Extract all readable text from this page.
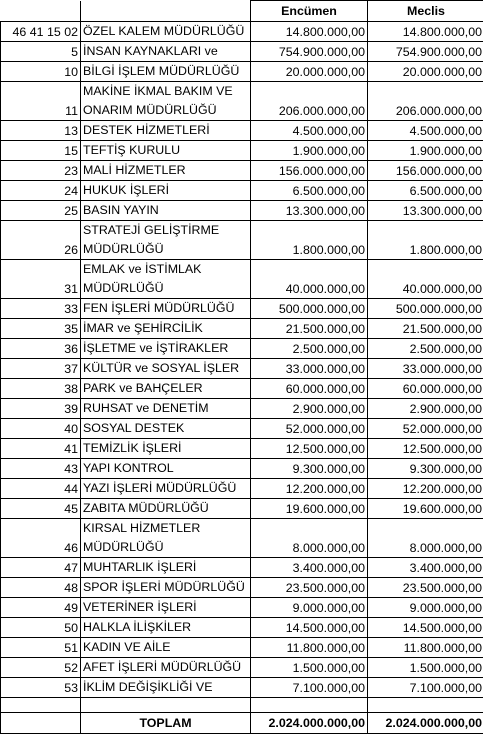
		Encümen	Meclis
46 41 15 02	ÖZEL KALEM MÜDÜRLÜĞÜ	14.800.000,00	14.800.000,00
5	İNSAN KAYNAKLARI ve	754.900.000,00	754.900.000,00
10	BİLGİ İŞLEM MÜDÜRLÜĞÜ	20.000.000,00	20.000.000,00
11	MAKİNE İKMAL BAKIM VE ONARIM MÜDÜRLÜĞÜ	206.000.000,00	206.000.000,00
13	DESTEK HİZMETLERİ	4.500.000,00	4.500.000,00
15	TEFTİŞ KURULU	1.900.000,00	1.900.000,00
23	MALİ HİZMETLER	156.000.000,00	156.000.000,00
24	HUKUK İŞLERİ	6.500.000,00	6.500.000,00
25	BASIN YAYIN	13.300.000,00	13.300.000,00
26	STRATEJİ GELİŞTİRME MÜDÜRLÜĞÜ	1.800.000,00	1.800.000,00
31	EMLAK ve İSTİMLAK MÜDÜRLÜĞÜ	40.000.000,00	40.000.000,00
33	FEN İŞLERİ MÜDÜRLÜĞÜ	500.000.000,00	500.000.000,00
35	İMAR ve ŞEHİRCİLİK	21.500.000,00	21.500.000,00
36	İŞLETME ve İŞTİRAKLER	2.500.000,00	2.500.000,00
37	KÜLTÜR ve SOSYAL İŞLER	33.000.000,00	33.000.000,00
38	PARK ve BAHÇELER	60.000.000,00	60.000.000,00
39	RUHSAT ve DENETİM	2.900.000,00	2.900.000,00
40	SOSYAL DESTEK	52.000.000,00	52.000.000,00
41	TEMİZLİK İŞLERİ	12.500.000,00	12.500.000,00
43	YAPI KONTROL	9.300.000,00	9.300.000,00
44	YAZI İŞLERİ MÜDÜRLÜĞÜ	12.200.000,00	12.200.000,00
45	ZABITA MÜDÜRLÜĞÜ	19.600.000,00	19.600.000,00
46	KIRSAL HİZMETLER MÜDÜRLÜĞÜ	8.000.000,00	8.000.000,00
47	MUHTARLIK İŞLERİ	3.400.000,00	3.400.000,00
48	SPOR İŞLERİ MÜDÜRLÜĞÜ	23.500.000,00	23.500.000,00
49	VETERİNER İŞLERİ	9.000.000,00	9.000.000,00
50	HALKLA İLİŞKİLER	14.500.000,00	14.500.000,00
51	KADIN VE AİLE	11.800.000,00	11.800.000,00
52	AFET İŞLERİ MÜDÜRLÜĞÜ	1.500.000,00	1.500.000,00
53	İKLİM DEĞİŞİKLİĞİ VE	7.100.000,00	7.100.000,00

	TOPLAM	2.024.000.000,00	2.024.000.000,00
